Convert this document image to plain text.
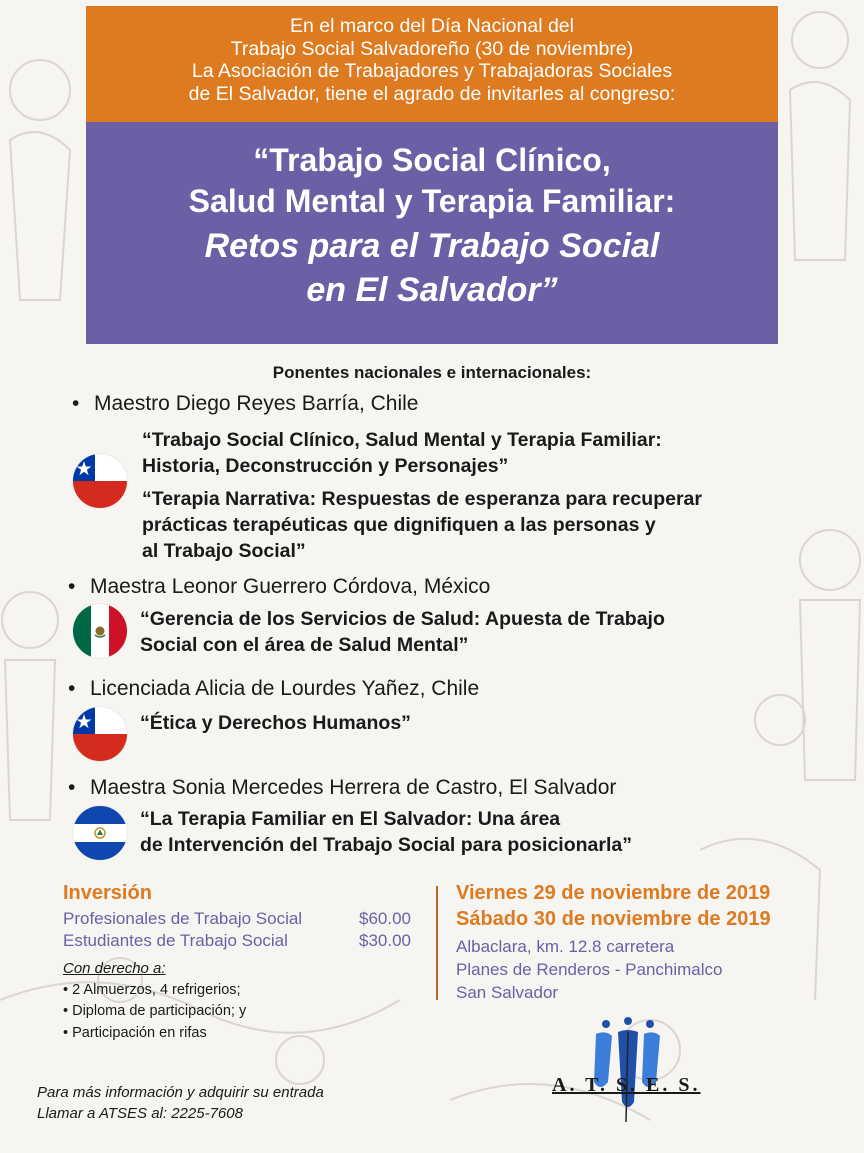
En el marco del Día Nacional del
Trabajo Social Salvadoreño (30 de noviembre)
La Asociación de Trabajadores y Trabajadoras Sociales
de El Salvador, tiene el agrado de invitarles al congreso:
“Trabajo Social Clínico,
Salud Mental y Terapia Familiar:
Retos para el Trabajo Social
en El Salvador”
Ponentes nacionales e internacionales:
• Maestro Diego Reyes Barría, Chile
“Trabajo Social Clínico, Salud Mental y Terapia Familiar:
Historia, Deconstrucción y Personajes”
“Terapia Narrativa: Respuestas de esperanza para recuperar
prácticas terapéuticas que dignifiquen a las personas y
al Trabajo Social”
• Maestra Leonor Guerrero Córdova, México
“Gerencia de los Servicios de Salud: Apuesta de Trabajo
Social con el área de Salud Mental”
• Licenciada Alicia de Lourdes Yañez, Chile
“Ética y Derechos Humanos”
• Maestra Sonia Mercedes Herrera de Castro, El Salvador
“La Terapia Familiar en El Salvador: Una área
de Intervención del Trabajo Social para posicionarla”
Inversión
Profesionales de Trabajo Social	$60.00
Estudiantes de Trabajo Social	$30.00
Con derecho a:
• 2 Almuerzos, 4 refrigerios;
• Diploma de participación; y
• Participación en rifas
Viernes 29 de noviembre de 2019
Sábado 30 de noviembre de 2019
Albaclara, km. 12.8 carretera
Planes de Renderos - Panchimalco
San Salvador
Para más información y adquirir su entrada
Llamar a ATSES al: 2225-7608
A. T. S. E. S.
